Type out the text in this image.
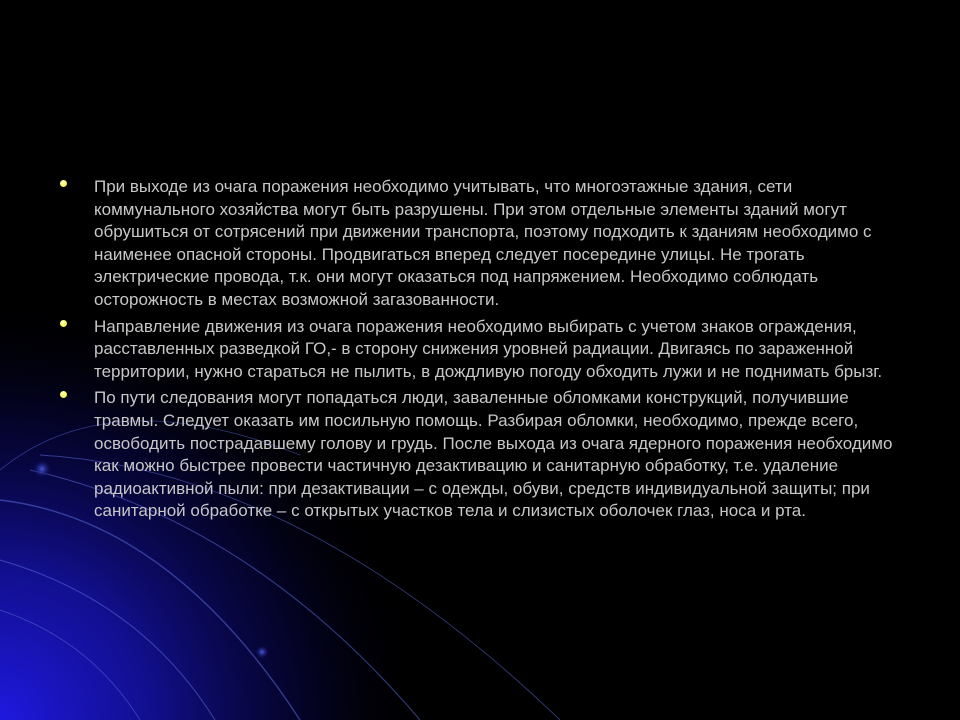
При выходе из очага поражения необходимо учитывать, что многоэтажные здания, сети коммунального хозяйства могут быть разрушены. При этом отдельные элементы зданий могут обрушиться от сотрясений при движении транспорта, поэтому подходить к зданиям необходимо с наименее опасной стороны. Продвигаться вперед следует посередине улицы. Не трогать электрические провода, т.к. они могут оказаться под напряжением. Необходимо соблюдать осторожность в местах возможной загазованности.
Направление движения из очага поражения необходимо выбирать с учетом знаков ограждения, расставленных разведкой ГО,- в сторону снижения уровней радиации. Двигаясь по зараженной территории, нужно стараться не пылить, в дождливую погоду обходить лужи и не поднимать брызг.
По пути следования могут попадаться люди, заваленные обломками конструкций, получившие травмы. Следует оказать им посильную помощь. Разбирая обломки, необходимо, прежде всего, освободить пострадавшему голову и грудь. После выхода из очага ядерного поражения необходимо как можно быстрее провести частичную дезактивацию и санитарную обработку, т.е. удаление радиоактивной пыли: при дезактивации – с одежды, обуви, средств индивидуальной защиты; при санитарной обработке – с открытых участков тела и слизистых оболочек глаз, носа и рта.
